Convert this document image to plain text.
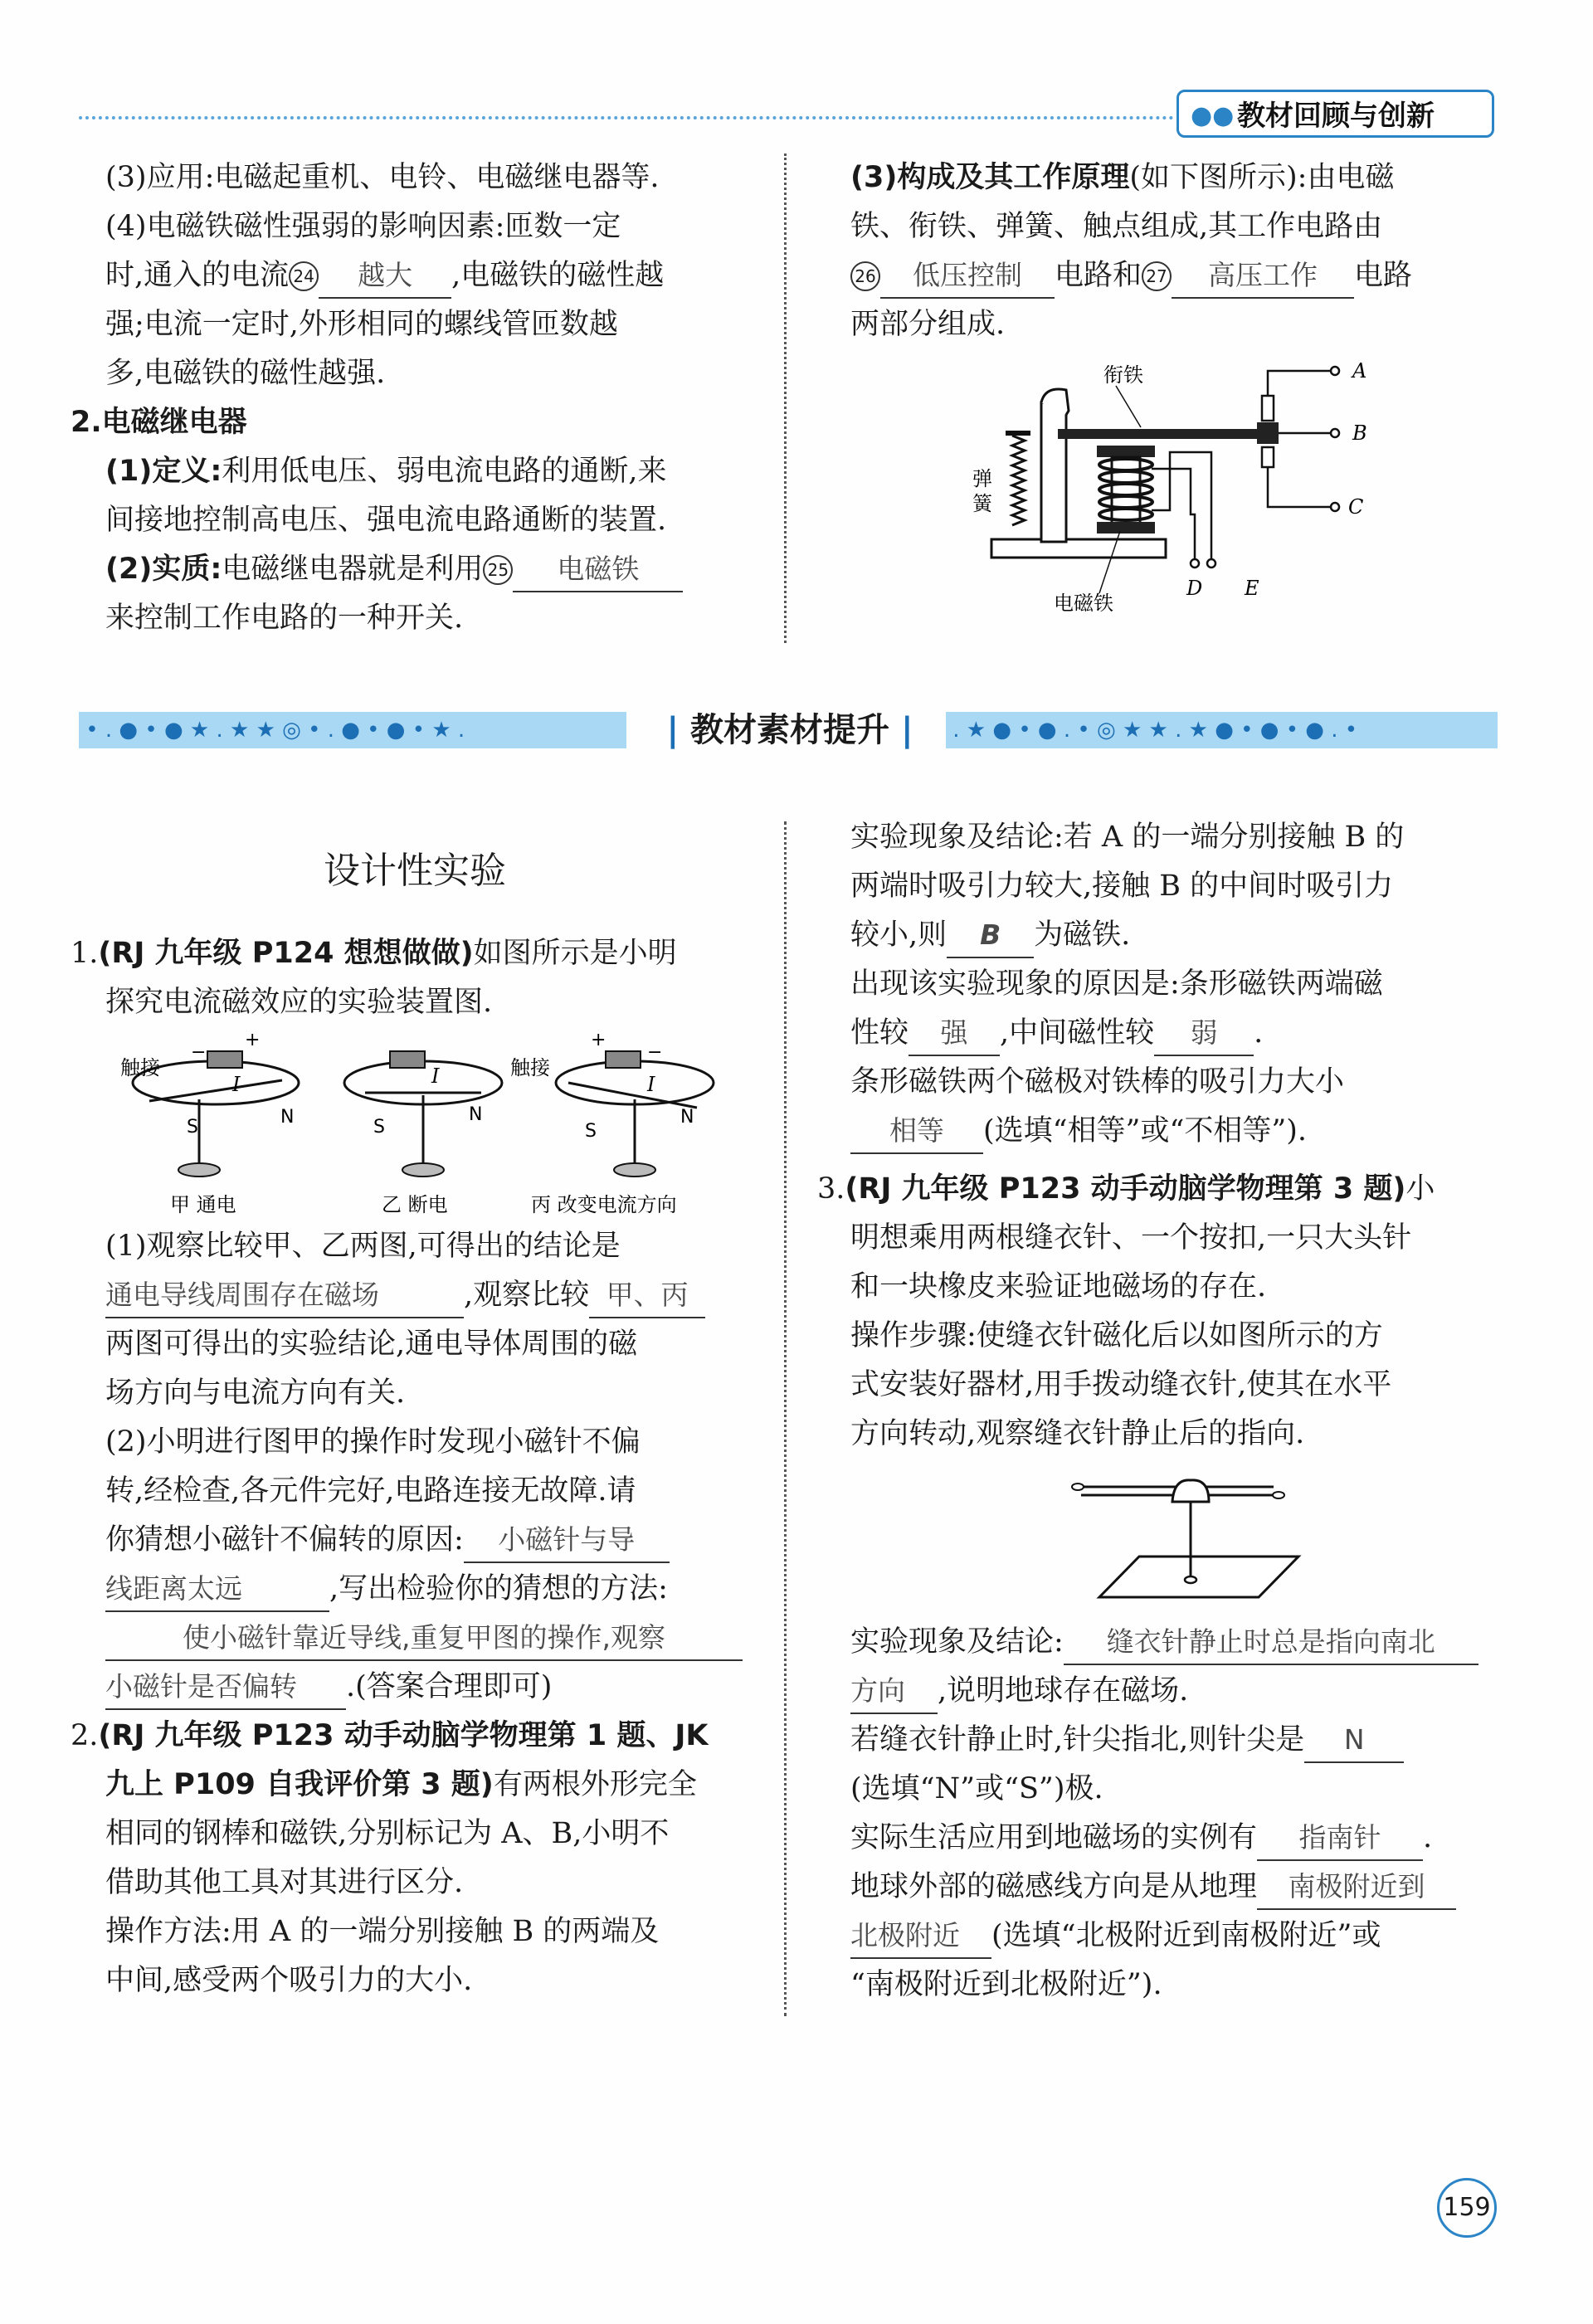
●● 教材回顾与创新

(3)应用:电磁起重机、电铃、电磁继电器等.

(4)电磁铁磁性强弱的影响因素:匝数一定

时,通入的电流 24 越大 ,电磁铁的磁性越

强;电流一定时,外形相同的螺线管匝数越

多,电磁铁的磁性越强.

2.电磁继电器

(1)定义:利用低电压、弱电流电路的通断,来

间接地控制高电压、强电流电路通断的装置.

(2)实质:电磁继电器就是利用 25 电磁铁

来控制工作电路的一种开关.

(3)构成及其工作原理(如下图所示):由电磁

铁、衔铁、弹簧、触点组成,其工作电路由

26 低压控制 电路和 27 高压工作 电路

两部分组成.

衔铁
电磁铁
弹
簧
A
B
C
D E
• . ● • ● ★ . ★ ★ ◎ • . ● • ● • ★ .	| 教材素材提升 |	. ★ ● • ● . • ◎ ★ ★ . ★ ● • ● • ● . •
设计性实验

1.(RJ 九年级 P124 想想做做)如图所示是小明

探究电流磁效应的实验装置图.

触接
I
N
S
+
−
甲 通电
I
N
S
乙 断电
触接
I
N
S
+
−
丙 改变电流方向

(1)观察比较甲、乙两图,可得出的结论是

通电导线周围存在磁场	,观察比较 甲、丙

两图可得出的实验结论,通电导体周围的磁

场方向与电流方向有关.

(2)小明进行图甲的操作时发现小磁针不偏

转,经检查,各元件完好,电路连接无故障.请

你猜想小磁针不偏转的原因: 小磁针与导

线距离太远	,写出检验你的猜想的方法:

使小磁针靠近导线,重复甲图的操作,观察

小磁针是否偏转 .(答案合理即可)

2.(RJ 九年级 P123 动手动脑学物理第 1 题、JK

九上 P109 自我评价第 3 题)有两根外形完全

相同的钢棒和磁铁,分别标记为 A、B,小明不

借助其他工具对其进行区分.

操作方法:用 A 的一端分别接触 B 的两端及

中间,感受两个吸引力的大小.

实验现象及结论:若 A 的一端分别接触 B 的

两端时吸引力较大,接触 B 的中间时吸引力

较小,则 B 为磁铁.

出现该实验现象的原因是:条形磁铁两端磁

性较 强 ,中间磁性较 弱 .

条形磁铁两个磁极对铁棒的吸引力大小

相等 (选填“相等”或“不相等”).

3.(RJ 九年级 P123 动手动脑学物理第 3 题)小

明想乘用两根缝衣针、一个按扣,一只大头针

和一块橡皮来验证地磁场的存在.

操作步骤:使缝衣针磁化后以如图所示的方

式安装好器材,用手拨动缝衣针,使其在水平

方向转动,观察缝衣针静止后的指向.

实验现象及结论: 缝衣针静止时总是指向南北

方向 ,说明地球存在磁场.

若缝衣针静止时,针尖指北,则针尖是 N

(选填“N”或“S”)极.

实际生活应用到地磁场的实例有 指南针 .

地球外部的磁感线方向是从地理 南极附近到

北极附近 (选填“北极附近到南极附近”或

“南极附近到北极附近”).

159
